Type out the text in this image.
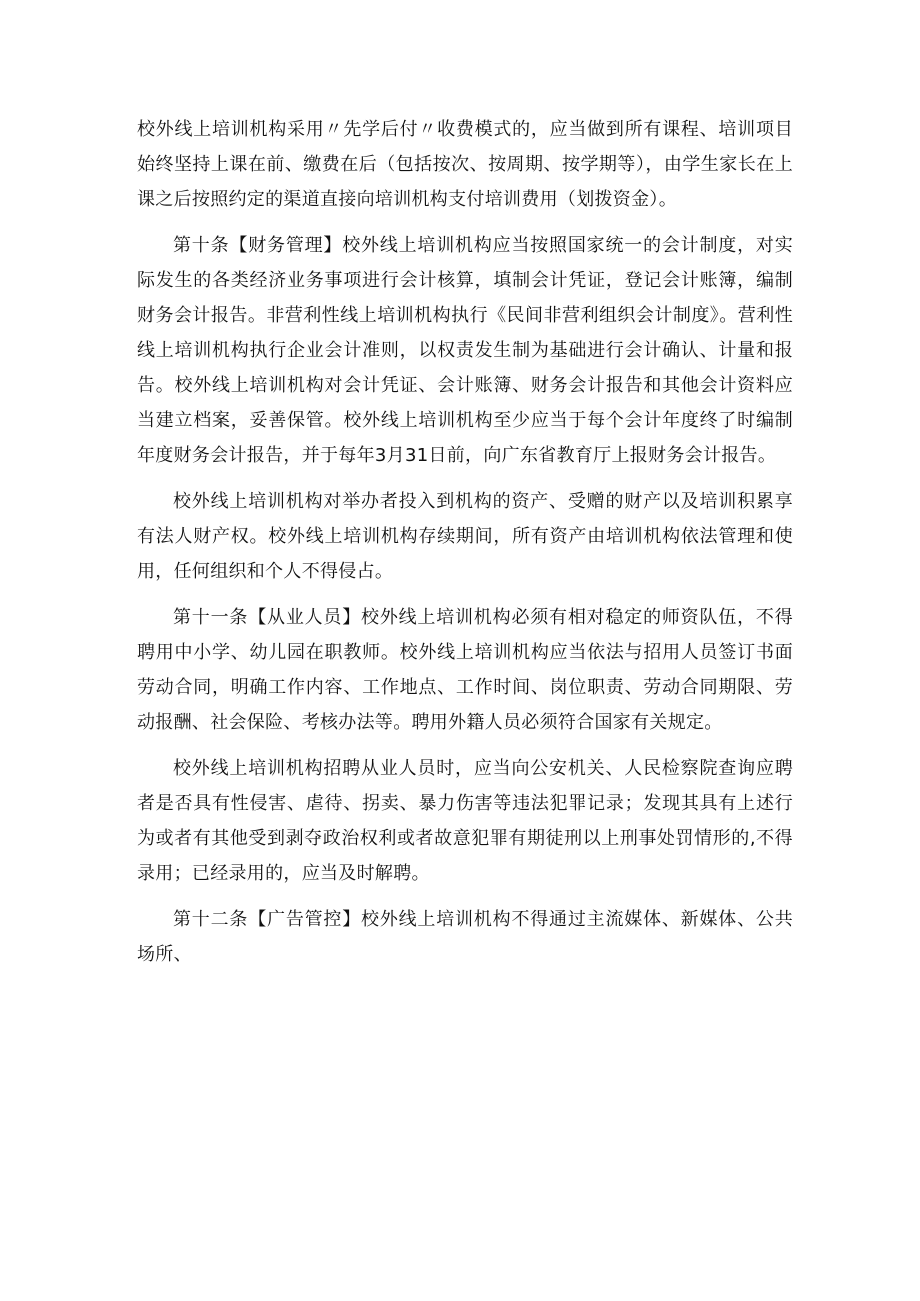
校外线上培训机构采用〃先学后付〃收费模式的，应当做到所有课程、培训项目始终坚持上课在前、缴费在后（包括按次、按周期、按学期等），由学生家长在上课之后按照约定的渠道直接向培训机构支付培训费用（划拨资金）。

第十条【财务管理】校外线上培训机构应当按照国家统一的会计制度，对实际发生的各类经济业务事项进行会计核算，填制会计凭证，登记会计账簿，编制财务会计报告。非营利性线上培训机构执行《民间非营利组织会计制度》。营利性线上培训机构执行企业会计准则，以权责发生制为基础进行会计确认、计量和报告。校外线上培训机构对会计凭证、会计账簿、财务会计报告和其他会计资料应当建立档案，妥善保管。校外线上培训机构至少应当于每个会计年度终了时编制年度财务会计报告，并于每年3月31日前，向广东省教育厅上报财务会计报告。

校外线上培训机构对举办者投入到机构的资产、受赠的财产以及培训积累享有法人财产权。校外线上培训机构存续期间，所有资产由培训机构依法管理和使用，任何组织和个人不得侵占。

第十一条【从业人员】校外线上培训机构必须有相对稳定的师资队伍，不得聘用中小学、幼儿园在职教师。校外线上培训机构应当依法与招用人员签订书面劳动合同，明确工作内容、工作地点、工作时间、岗位职责、劳动合同期限、劳动报酬、社会保险、考核办法等。聘用外籍人员必须符合国家有关规定。

校外线上培训机构招聘从业人员时，应当向公安机关、人民检察院查询应聘者是否具有性侵害、虐待、拐卖、暴力伤害等违法犯罪记录；发现其具有上述行为或者有其他受到剥夺政治权利或者故意犯罪有期徒刑以上刑事处罚情形的,不得录用；已经录用的，应当及时解聘。

第十二条【广告管控】校外线上培训机构不得通过主流媒体、新媒体、公共场所、
